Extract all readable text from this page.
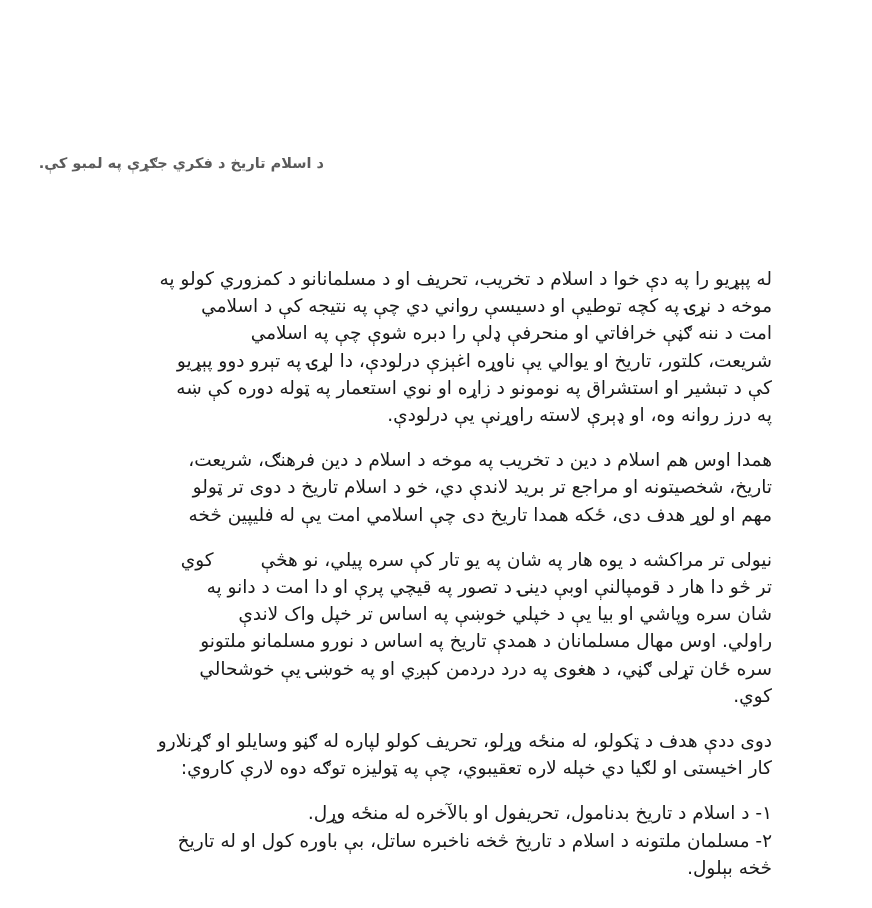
د اسلام تاریخ د فکري جګړې په لمبو کې.
له پېړیو را په دې خوا د اسلام د تخریب، تحریف او د مسلمانانو د کمزوري کولو په
موخه د نړۍ په کچه توطیې او دسیسې رواني دي چې په نتیجه کې د اسلامي
امت د ننه ګڼې خرافاتي او منحرفې ډلې را دبره شوې چې په اسلامي
شریعت، کلتور، تاریخ او یوالي یې ناوړه اغېزې درلودې، دا لړۍ په تېرو دوو پېړیو
کې د تبشیر او استشراق په نومونو د زاړه او نوي استعمار په ټوله دوره کې ښه
په درز روانه وه، او ډېرې لاسته راوړنې یې درلودې.
همدا اوس هم اسلام د دین د تخریب په موخه د اسلام د دین فرهنګ، شریعت،
تاریخ، شخصیتونه او مراجع تر برید لاندې دي، خو د اسلام تاریخ د دوی تر ټولو
مهم او لوړ هدف دی، ځکه همدا تاریخ دی چې اسلامي امت یې له فلیپین څخه
نیولی تر مراکشه د یوه هار په شان په یو تار کې سره پیلي، نو هڅې        کوي
تر څو دا هار د قومپالنې اوبې دینۍ د تصور په قیچي پرې او دا امت د دانو په
شان سره وپاشي او بیا یې د خپلي خوښې په اساس تر خپل واک لاندې
راولي. اوس مهال مسلمانان د همدې تاریخ په اساس د نورو مسلمانو ملتونو
سره ځان تړلی ګڼي، د هغوی په درد دردمن کېږي او په خوښۍ یې خوشحالي
کوي.
دوی ددې هدف د ټکولو، له منځه وړلو، تحریف کولو لپاره له ګڼو وسایلو او ګړنلارو
کار اخیستی او لګیا دي خپله لاره تعقیبوي، چې په ټولیزه توګه دوه لارې کاروي:
۱- د اسلام د تاریخ بدنامول، تحریفول او بالآخره له منځه وړل.
۲- مسلمان ملتونه د اسلام د تاریخ څخه ناخبره ساتل، بې باوره کول او له تاریخ
څخه بېلول.
